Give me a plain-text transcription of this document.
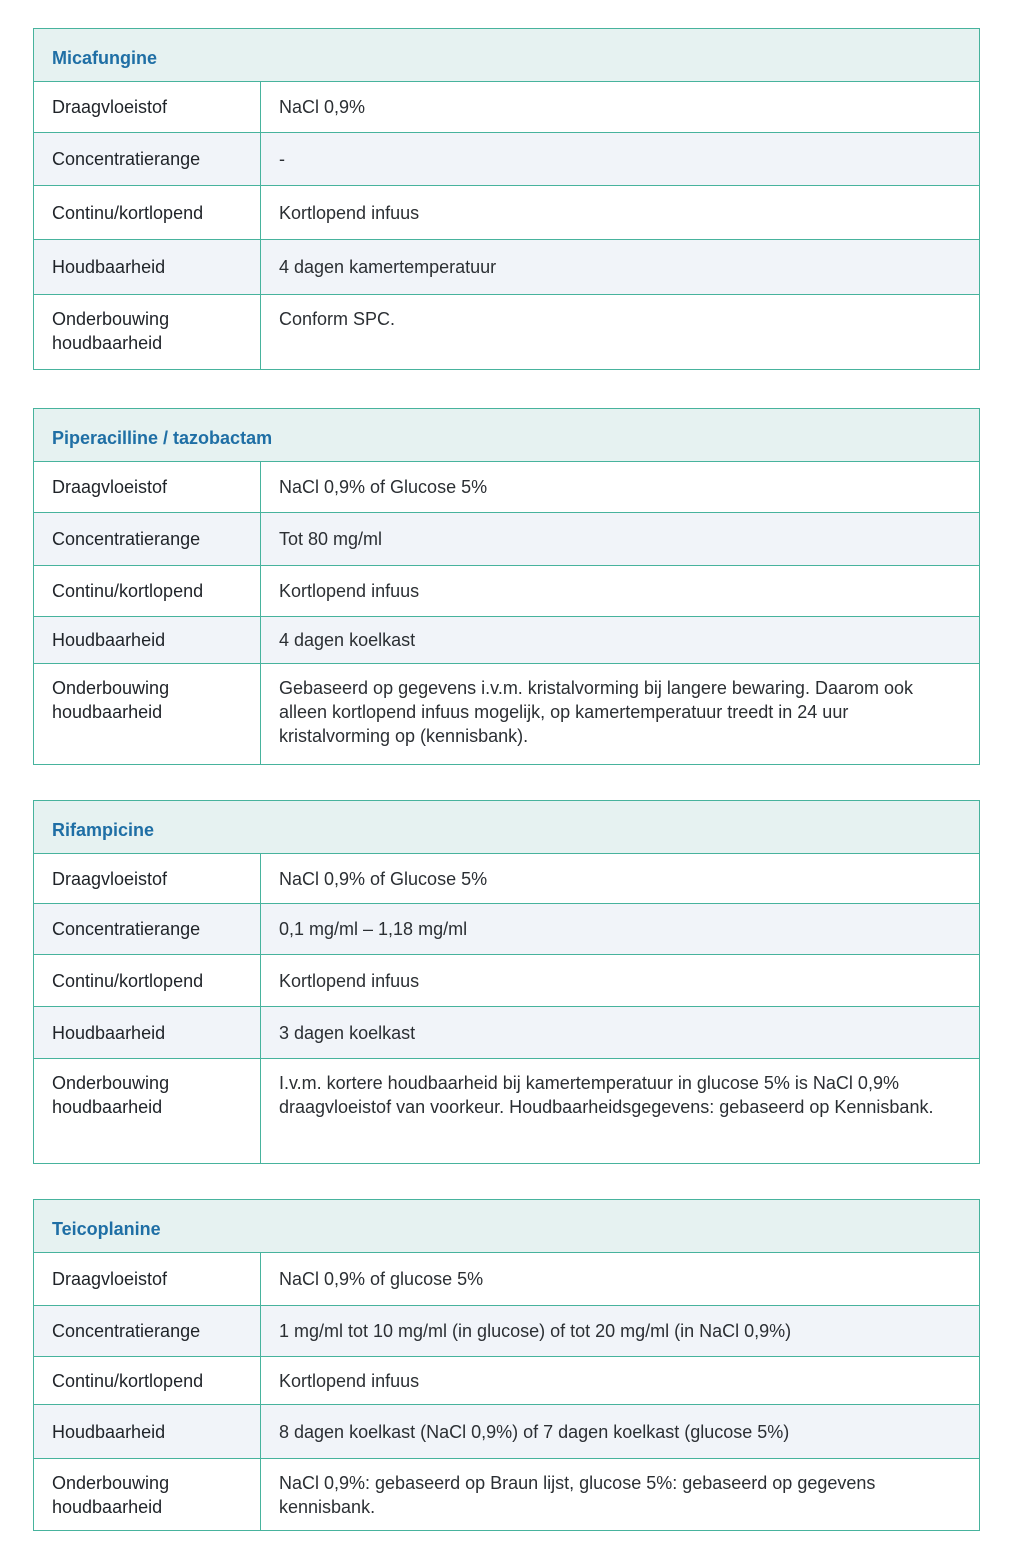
Micafungine	
Draagvloeistof	NaCl 0,9%
Concentratierange	-
Continu/kortlopend	Kortlopend infuus
Houdbaarheid	4 dagen kamertemperatuur
Onderbouwing houdbaarheid	Conform SPC.
Piperacilline / tazobactam	
Draagvloeistof	NaCl 0,9% of Glucose 5%
Concentratierange	Tot 80 mg/ml
Continu/kortlopend	Kortlopend infuus
Houdbaarheid	4 dagen koelkast
Onderbouwing houdbaarheid	Gebaseerd op gegevens i.v.m. kristalvorming bij langere bewaring. Daarom ook alleen kortlopend infuus mogelijk, op kamertemperatuur treedt in 24 uur kristalvorming op (kennisbank).
Rifampicine	
Draagvloeistof	NaCl 0,9% of Glucose 5%
Concentratierange	0,1 mg/ml – 1,18 mg/ml
Continu/kortlopend	Kortlopend infuus
Houdbaarheid	3 dagen koelkast
Onderbouwing houdbaarheid	I.v.m. kortere houdbaarheid bij kamertemperatuur in glucose 5% is NaCl 0,9% draagvloeistof van voorkeur. Houdbaarheidsgegevens: gebaseerd op Kennisbank.
Teicoplanine	
Draagvloeistof	NaCl 0,9% of glucose 5%
Concentratierange	1 mg/ml tot 10 mg/ml (in glucose) of tot 20 mg/ml (in NaCl 0,9%)
Continu/kortlopend	Kortlopend infuus
Houdbaarheid	8 dagen koelkast (NaCl 0,9%) of 7 dagen koelkast (glucose 5%)
Onderbouwing houdbaarheid	NaCl 0,9%: gebaseerd op Braun lijst, glucose 5%: gebaseerd op gegevens kennisbank.
